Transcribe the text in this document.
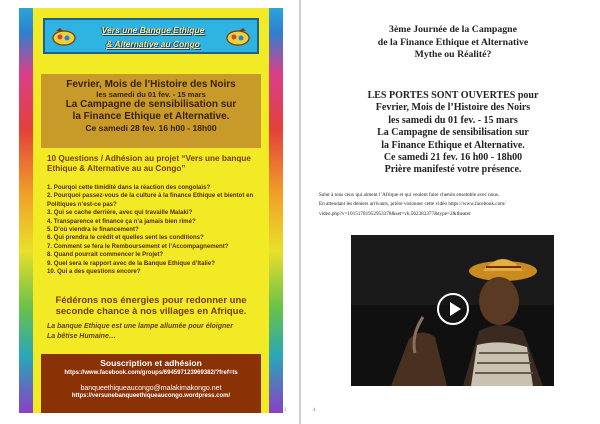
Vers une Banque Ethique
& Alternative au Congo
Fevrier, Mois de l’Histoire des Noirs
les samedi du 01 fev. - 15 mars
La Campagne de sensibilisation sur
la Finance Ethique et Alternative.
Ce samedi 28 fev. 16 h00 - 18h00
10 Questions / Adhésion au projet “Vers une banque Ethique & Alternative au au Congo”
1. Pourqoi cette timidité dans la réaction des congolais?
2. Pourquoi passez-vous de la culture à la finance Ethique et bientot en Politiques n’est-ce pas?
3. Qui se cache derrière, avec qui travaille Malaki?
4. Transparence et finance ça n’a jamais bien rimé?
5. D’où viendra le financement?
6. Qui prendra le crédit et quelles sent les conditions?
7. Comment se fera le Remboursement et l’Accompagnement?
8. Quand pourrait commencer le Projet?
9. Quel sera le rapport avec de la Banque Ethique d’Italie?
10. Qui a des questions encore?
Fédérons nos énergies pour redonner une seconde chance à nos villages en Afrique.
La banque Ethique est une lampe allumée pour éloigner
La bêtise Humaine…
Souscription et adhésion
https://www.facebook.com/groups/694597123969382/?fref=ts
banqueethiqueaucongo@malakimakongo.net
https://versunebanqueethiqueaucongo.wordpress.com/
3
3ème Journée de la Campagne
de la Finance Ethique et Alternative
Mythe ou Réalité?
LES PORTES SONT OUVERTES pour
Fevrier, Mois de l’Histoire des Noirs
les samedi du 01 fev. - 15 mars
La Campagne de sensibilisation sur
la Finance Ethique et Alternative.
Ce samedi 21 fev. 16 h00 - 18h00
Prière manifesté votre présence.
Salut à tous ceux qui aiment l’Afrique et qui veulent faire chemin ensemble avec nous.
En attendant les deniers arrivants, prière visionner cette vidéo https://www.facebook.com/
video.php?v=10151781952953378&set=vb.562383377&type=2&theater
4
